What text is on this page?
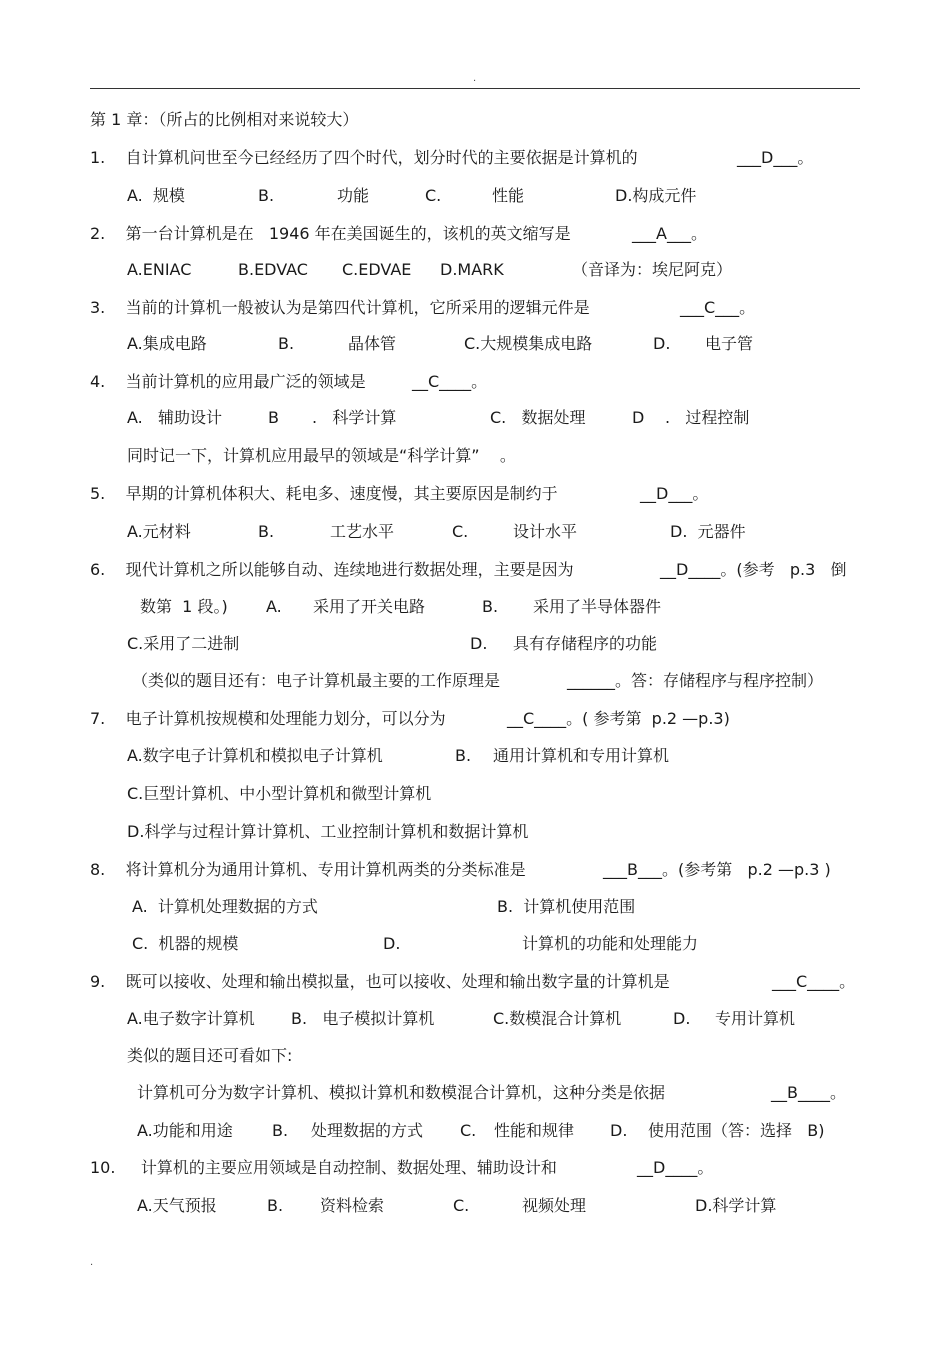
.
第 1 章：（所占的比例相对来说较大）
1.    自计算机问世至今已经经历了四个时代，划分时代的主要依据是计算机的	___D___。
A.  规模	B.	功能	C.	性能	D.构成元件
2.    第一台计算机是在   1946 年在美国诞生的，该机的英文缩写是	___A___。
A.ENIAC	B.EDVAC C.EDVAE D.MARK	（音译为：埃尼阿克）
3.    当前的计算机一般被认为是第四代计算机，它所采用的逻辑元件是	___C___。
A.集成电路	B.	晶体管	C.大规模集成电路	D. 电子管
4.    当前计算机的应用最广泛的领域是	__C____。
A.   辅助设计	B .   科学计算	C.   数据处理	D .   过程控制
同时记一下，计算机应用最早的领域是“科学计算”    。
5.    早期的计算机体积大、耗电多、速度慢，其主要原因是制约于	__D___。
A.元材料	B.	工艺水平	C.	设计水平	D.  元器件
6.    现代计算机之所以能够自动、连续地进行数据处理，主要是因为	__D____。(参考   p.3   倒
数第  1 段。) A. 采用了开关电路	B. 采用了半导体器件
C.采用了二进制	D. 具有存储程序的功能
（类似的题目还有：电子计算机最主要的工作原理是	______。答：存储程序与程序控制）
7.    电子计算机按规模和处理能力划分，可以分为	__C____。( 参考第  p.2 —p.3)
A.数字电子计算机和模拟电子计算机	B. 通用计算机和专用计算机
C.巨型计算机、中小型计算机和微型计算机
D.科学与过程计算计算机、工业控制计算机和数据计算机
8.    将计算机分为通用计算机、专用计算机两类的分类标准是	___B___。(参考第   p.2 —p.3 )
A.  计算机处理数据的方式	B.  计算机使用范围
C.  机器的规模	D.	计算机的功能和处理能力
9.    既可以接收、处理和输出模拟量，也可以接收、处理和输出数字量的计算机是	___C____。
A.电子数字计算机 B.   电子模拟计算机	C.数模混合计算机	D. 专用计算机
类似的题目还可看如下:
计算机可分为数字计算机、模拟计算机和数模混合计算机，这种分类是依据	__B____。
A.功能和用途 B. 处理数据的方式 C. 性能和规律 D. 使用范围（答：选择   B)
10.     计算机的主要应用领域是自动控制、数据处理、辅助设计和	__D____。
A.天气预报	B. 资料检索	C.	视频处理	D.科学计算
.
